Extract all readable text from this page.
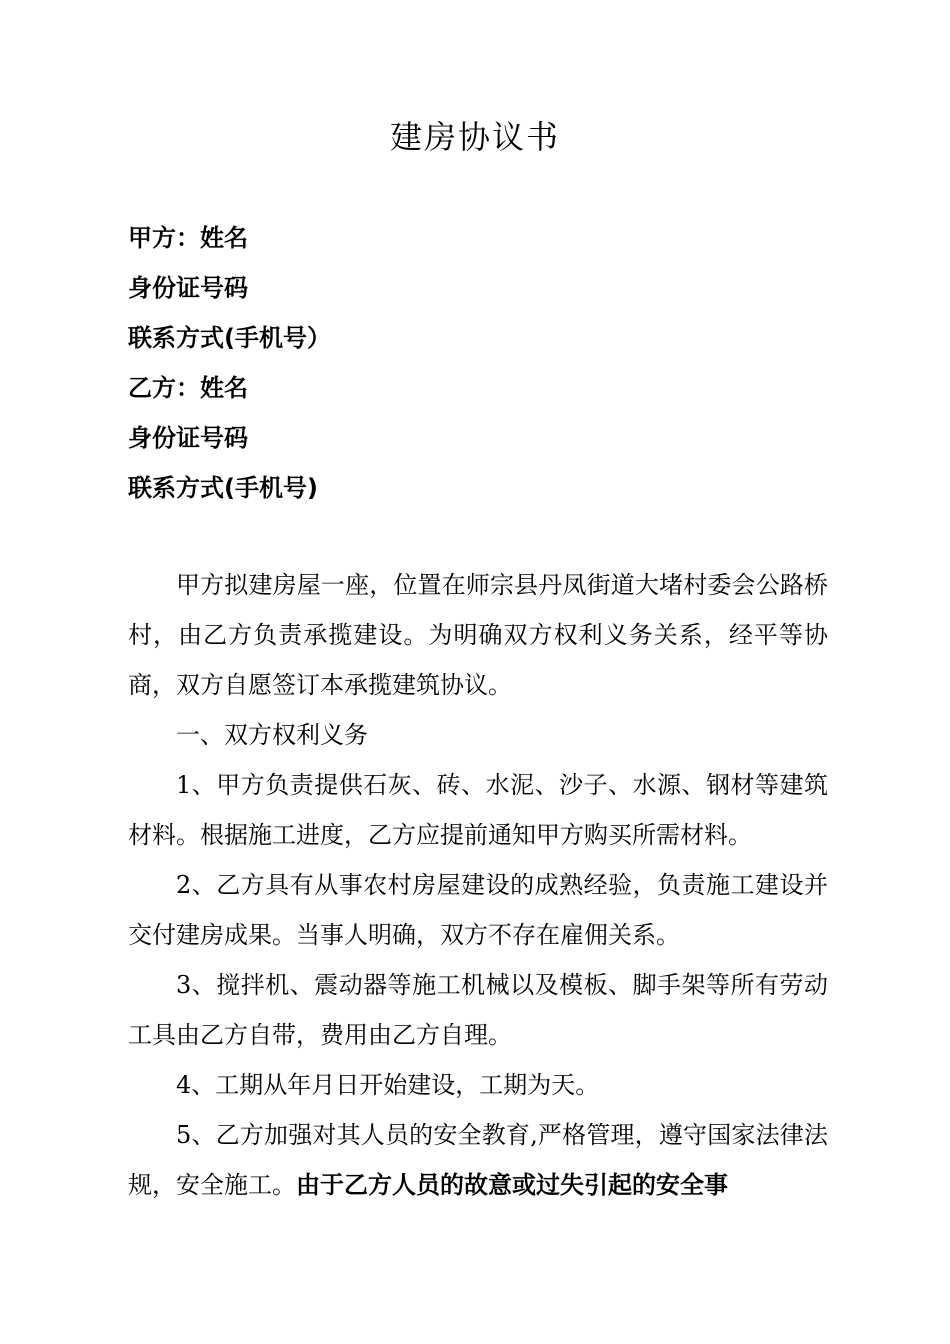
建房协议书
甲方：姓名
身份证号码
联系方式(手机号）
乙方：姓名
身份证号码
联系方式(手机号)

甲方拟建房屋一座，位置在师宗县丹凤街道大堵村委会公路桥村，由乙方负责承揽建设。为明确双方权利义务关系，经平等协商，双方自愿签订本承揽建筑协议。

一、双方权利义务

1、甲方负责提供石灰、砖、水泥、沙子、水源、钢材等建筑材料。根据施工进度，乙方应提前通知甲方购买所需材料。

2、乙方具有从事农村房屋建设的成熟经验，负责施工建设并交付建房成果。当事人明确，双方不存在雇佣关系。

3、搅拌机、震动器等施工机械以及模板、脚手架等所有劳动工具由乙方自带，费用由乙方自理。

4、工期从年月日开始建设，工期为天。

5、乙方加强对其人员的安全教育,严格管理，遵守国家法律法规，安全施工。由于乙方人员的故意或过失引起的安全事
